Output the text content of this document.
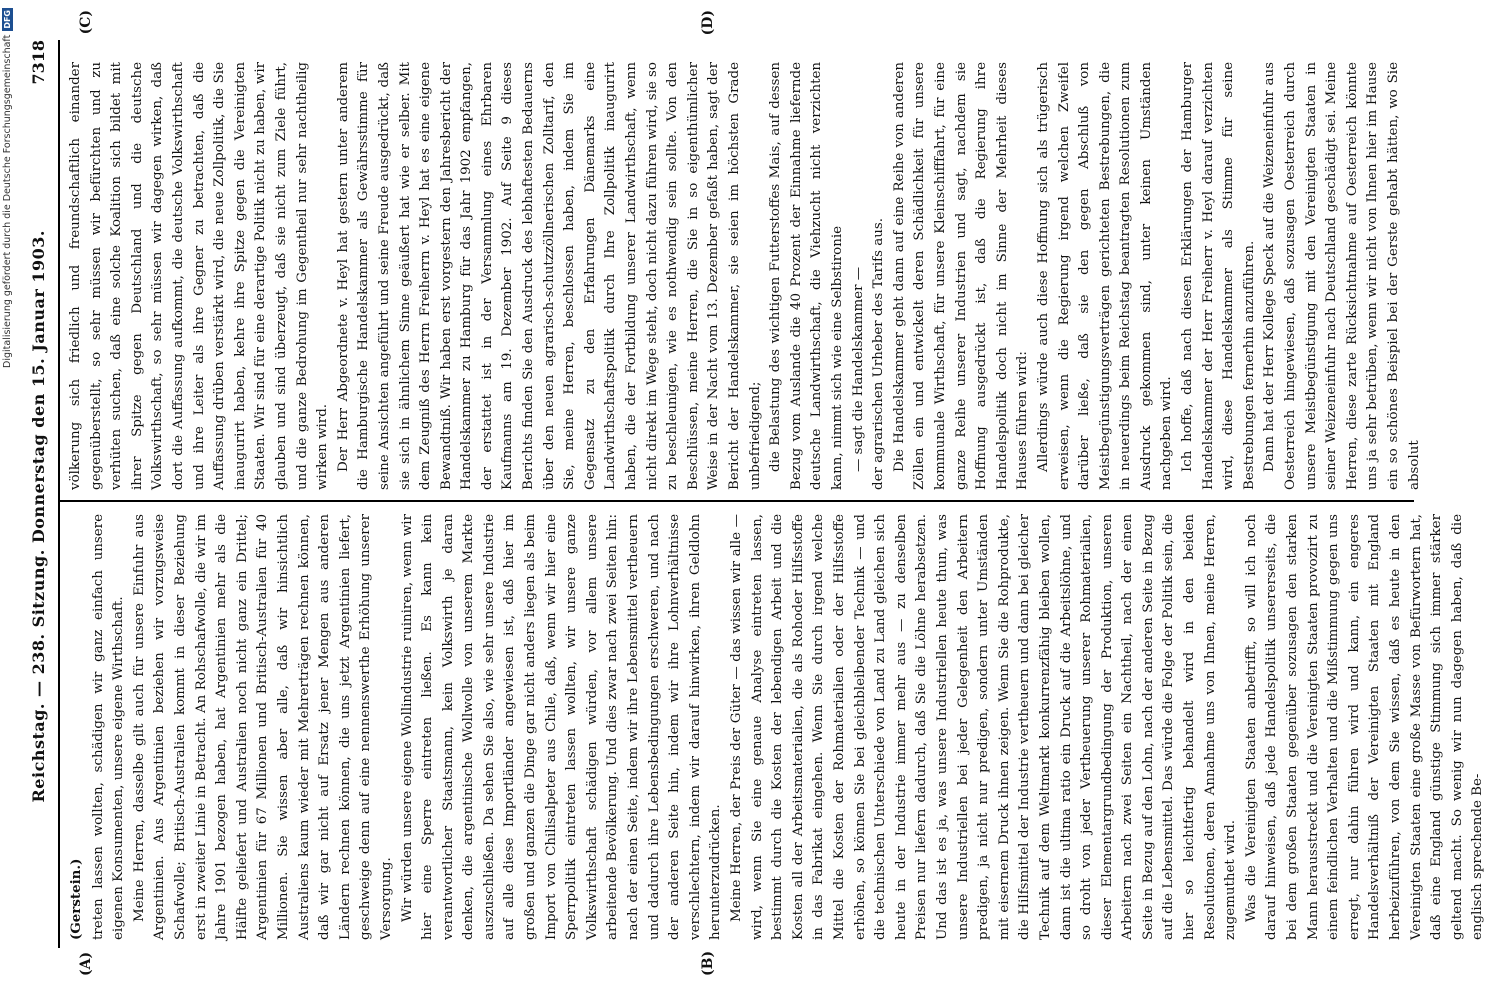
Digitalisierung gefördert durch die Deutsche Forschungsgemeinschaft
DFG
Reichstag. — 238. Sitzung. Donnerstag den 15. Januar 1903.
7318
(A)	(B)
(C)	(D)

(Gerstein.) treten lassen wollten, schädigen wir ganz einfach unsere eigenen Konsumenten, unsere eigene Wirthschaft. Meine Herren, dasselbe gilt auch für unsere Einfuhr aus Argentinien. Aus Argentinien beziehen wir vorzugsweise Schafwolle; Britisch-Australien kommt in dieser Beziehung erst in zweiter Linie in Betracht. An Rohschafwolle, die wir im Jahre 1901 bezogen haben, hat Argentinien mehr als die Hälfte geliefert und Australien noch nicht ganz ein Drittel; Argentinien für 67 Millionen und Britisch-Australien für 40 Millionen. Sie wissen aber alle, daß wir hinsichtlich Australiens kaum wieder mit Mehrerträgen rechnen können, daß wir gar nicht auf Ersatz jener Mengen aus anderen Ländern rechnen können, die uns jetzt Argentinien liefert, geschweige denn auf eine nennenswerthe Erhöhung unserer Versorgung. Wir würden unsere eigene Wollindustrie ruiniren, wenn wir hier eine Sperre eintreten ließen. Es kann kein verantwortlicher Staatsmann, kein Volkswirth je daran denken, die argentinische Wollwolle von unserem Markte auszuschließen. Da sehen Sie also, wie sehr unsere Industrie auf alle diese Importländer angewiesen ist, daß hier im großen und ganzen die Dinge gar nicht anders liegen als beim Import von Chilisalpeter aus Chile, daß, wenn wir hier eine Sperrpolitik eintreten lassen wollten, wir unsere ganze Volkswirthschaft schädigen würden, vor allem unsere arbeitende Bevölkerung. Und dies zwar nach zwei Seiten hin: nach der einen Seite, indem wir ihre Lebensmittel vertheuern und dadurch ihre Lebensbedingungen erschweren, und nach der anderen Seite hin, indem wir ihre Lohnverhältnisse verschlechtern, indem wir darauf hinwirken, ihren Geldlohn herunterzudrücken. Meine Herren, der Preis der Güter — das wissen wir alle — wird, wenn Sie eine genaue Analyse eintreten lassen, bestimmt durch die Kosten der lebendigen Arbeit und die Kosten all der Arbeitsmaterialien, die als Rohoder Hilfsstoffe in das Fabrikat eingehen. Wenn Sie durch irgend welche Mittel die Kosten der Rohmaterialien oder der Hilfsstoffe erhöhen, so können Sie bei gleichbleibender Technik — und die technischen Unterschiede von Land zu Land gleichen sich heute in der Industrie immer mehr aus — zu denselben Preisen nur liefern dadurch, daß Sie die Löhne herabsetzen. Und das ist es ja, was unsere Industriellen heute thun, was unsere Industriellen bei jeder Gelegenheit den Arbeitern predigen, ja nicht nur predigen, sondern unter Umständen mit eisernem Druck ihnen zeigen. Wenn Sie die Rohprodukte, die Hilfsmittel der Industrie vertheuern und dann bei gleicher Technik auf dem Weltmarkt konkurrenzfähig bleiben wollen, dann ist die ultima ratio ein Druck auf die Arbeitslöhne, und so droht von jeder Vertheuerung unserer Rohmaterialien, dieser Elementargrundbedingung der Produktion, unseren Arbeitern nach zwei Seiten ein Nachtheil, nach der einen Seite in Bezug auf den Lohn, nach der anderen Seite in Bezug auf die Lebensmittel. Das würde die Folge der Politik sein, die hier so leichtfertig behandelt wird in den beiden Resolutionen, deren Annahme uns von Ihnen, meine Herren, zugemuthet wird. Was die Vereinigten Staaten anbetrifft, so will ich noch darauf hinweisen, daß jede Handelspolitik unsererseits, die bei dem großen Staaten gegenüber sozusagen den starken Mann herausstreckt und die Vereinigten Staaten provozirt zu einem feindlichen Verhalten und die Mißstimmung gegen uns erregt, nur dahin führen wird und kann, ein engeres Handelsverhältniß der Vereinigten Staaten mit England herbeizuführen, von dem Sie wissen, daß es heute in den Vereinigten Staaten eine große Masse von Befürwortern hat, daß eine England günstige Stimmung sich immer stärker geltend macht. So wenig wir nun dagegen haben, daß die englisch sprechende Be-

völkerung sich friedlich und freundschaftlich einander gegenüberstellt, so sehr müssen wir befürchten und zu verhüten suchen, daß eine solche Koalition sich bildet mit ihrer Spitze gegen Deutschland und die deutsche Volkswirthschaft, so sehr müssen wir dagegen wirken, daß dort die Auffassung aufkommt, die deutsche Volkswirthschaft und ihre Leiter als ihre Gegner zu betrachten, daß die Auffassung drüben verstärkt wird, die neue Zollpolitik, die Sie inaugurirt haben, kehre ihre Spitze gegen die Vereinigten Staaten. Wir sind für eine derartige Politik nicht zu haben, wir glauben und sind überzeugt, daß sie nicht zum Ziele führt, und die ganze Bedrohung im Gegentheil nur sehr nachtheilig wirken wird. Der Herr Abgeordnete v. Heyl hat gestern unter anderem die Hamburgische Handelskammer als Gewährsstimme für seine Ansichten angeführt und seine Freude ausgedrückt, daß sie sich in ähnlichem Sinne geäußert hat wie er selber. Mit dem Zeugniß des Herrn Freiherrn v. Heyl hat es eine eigene Bewandtniß. Wir haben erst vorgestern den Jahresbericht der Handelskammer zu Hamburg für das Jahr 1902 empfangen, der erstattet ist in der Versammlung eines Ehrbaren Kaufmanns am 19. Dezember 1902. Auf Seite 9 dieses Berichts finden Sie den Ausdruck des lebhaftesten Bedauerns über den neuen agrarisch-schutzzöllnerischen Zolltarif, den Sie, meine Herren, beschlossen haben, indem Sie im Gegensatz zu den Erfahrungen Dänemarks eine Landwirthschaftspolitik durch Ihre Zollpolitik inaugurirt haben, die der Fortbildung unserer Landwirthschaft, wenn nicht direkt im Wege steht, doch nicht dazu führen wird, sie so zu beschleunigen, wie es nothwendig sein sollte. Von den Beschlüssen, meine Herren, die Sie in so eigenthümlicher Weise in der Nacht vom 13. Dezember gefaßt haben, sagt der Bericht der Handelskammer, sie seien im höchsten Grade unbefriedigend; die Belastung des wichtigen Futterstoffes Mais, auf dessen Bezug vom Auslande die 40 Prozent der Einnahme liefernde deutsche Landwirthschaft, die Viehzucht nicht verzichten kann, nimmt sich wie eine Selbstironie — sagt die Handelskammer — der agrarischen Urheber des Tarifs aus. Die Handelskammer geht dann auf eine Reihe von anderen Zöllen ein und entwickelt deren Schädlichkeit für unsere kommunale Wirthschaft, für unsere Kleinschifffahrt, für eine ganze Reihe unserer Industrien und sagt, nachdem sie Hoffnung ausgedrückt ist, daß die Regierung ihre Handelspolitik doch nicht im Sinne der Mehrheit dieses Hauses führen wird: Allerdings würde auch diese Hoffnung sich als trügerisch erweisen, wenn die Regierung irgend welchen Zweifel darüber ließe, daß sie den gegen Abschluß von Meistbegünstigungsverträgen gerichteten Bestrebungen, die in neuerdings beim Reichstag beantragten Resolutionen zum Ausdruck gekommen sind, unter keinen Umständen nachgeben wird. Ich hoffe, daß nach diesen Erklärungen der Hamburger Handelskammer der Herr Freiherr v. Heyl darauf verzichten wird, diese Handelskammer als Stimme für seine Bestrebungen fernerhin anzuführen. Dann hat der Herr Kollege Speck auf die Weizeneinfuhr aus Oesterreich hingewiesen, daß sozusagen Oesterreich durch unsere Meistbegünstigung mit den Vereinigten Staaten in seiner Weizeneinfuhr nach Deutschland geschädigt sei. Meine Herren, diese zarte Rücksichtnahme auf Oesterreich könnte uns ja sehr betrüben, wenn wir nicht von Ihnen hier im Hause ein so schönes Beispiel bei der Gerste gehabt hätten, wo Sie absolut
